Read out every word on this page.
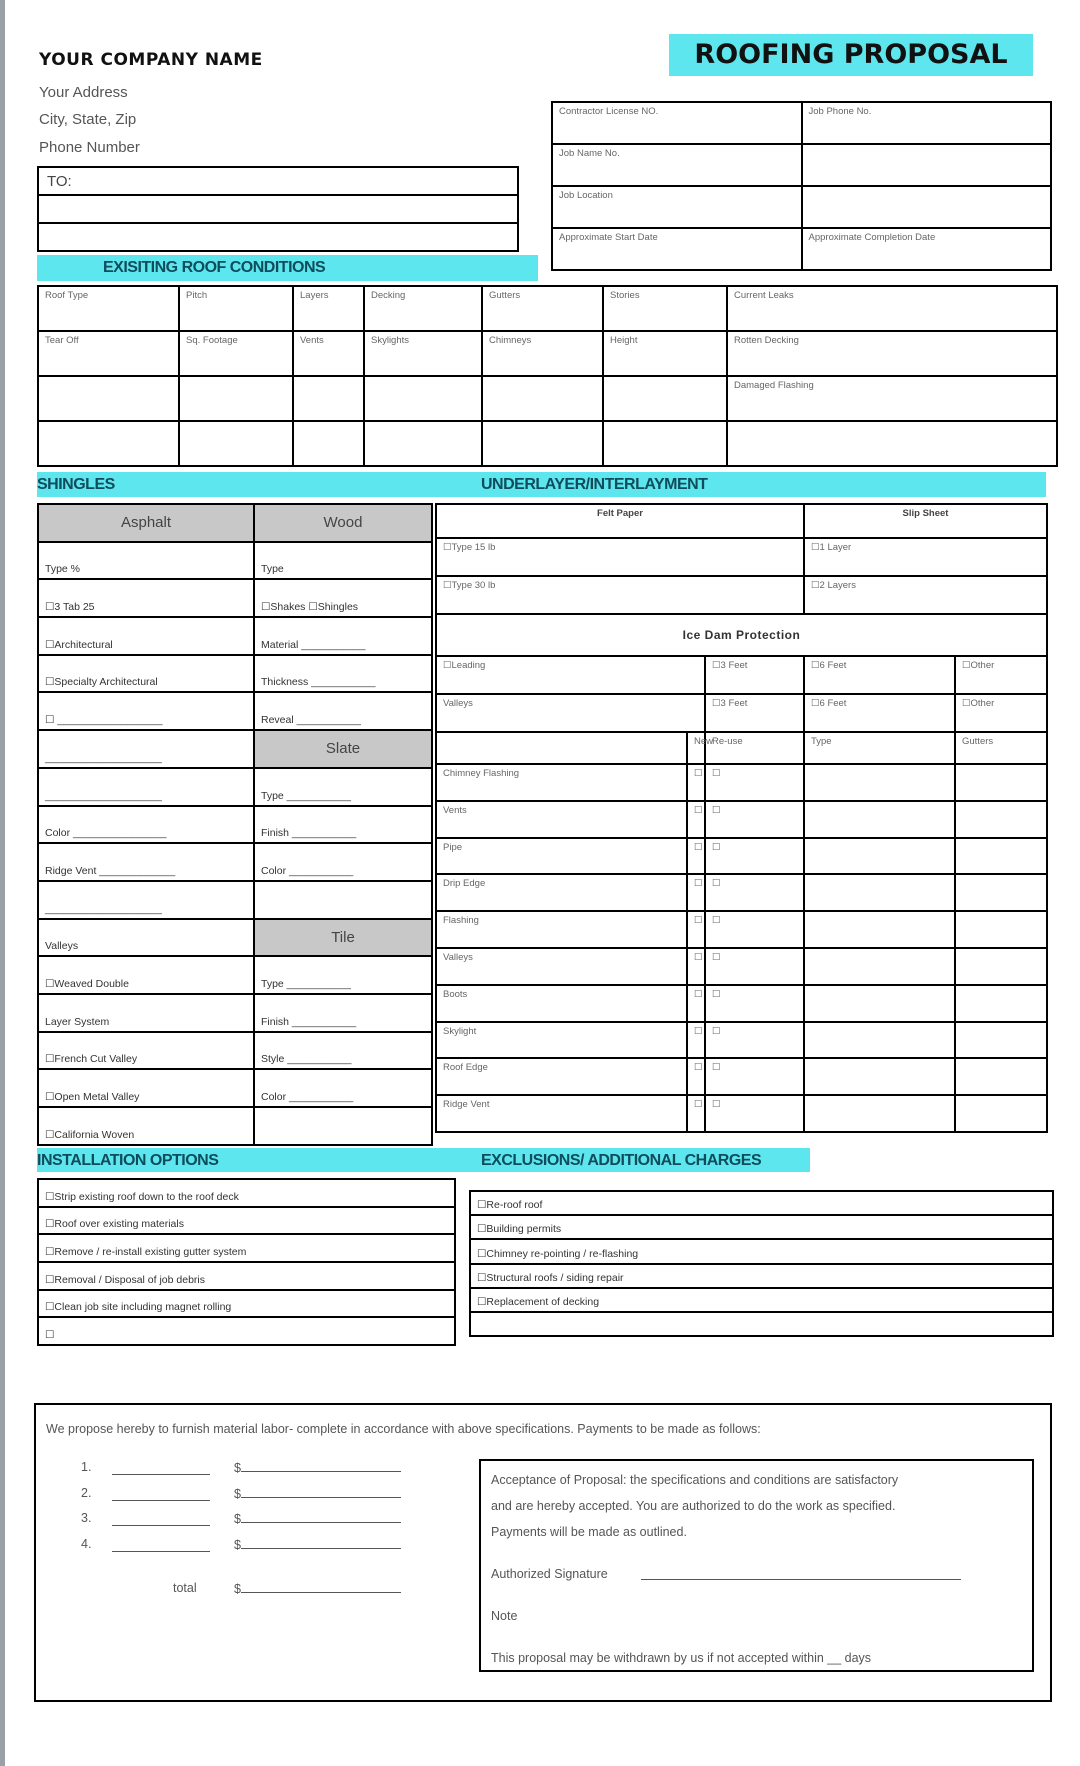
YOUR COMPANY NAME
Your Address
City, State, Zip
Phone Number
ROOFING PROPOSAL
TO:

Contractor License NO.	Job Phone No.
Job Name No.	
Job Location	
Approximate Start Date	Approximate Completion Date
EXISITING ROOF CONDITIONS
Roof Type	Pitch	Layers	Decking	Gutters	Stories	Current Leaks
Tear Off	Sq. Footage	Vents	Skylights	Chimneys	Height	Rotten Decking
						Damaged Flashing

SHINGLES	UNDERLAYER/INTERLAYMENT
Asphalt	Wood
Type %	Type
☐3 Tab 25	☐Shakes ☐Shingles
☐Architectural	Material ___________
☐Specialty Architectural	Thickness ___________
☐ __________________	Reveal ___________
____________________	Slate
____________________	Type ___________
Color ________________	Finish ___________
Ridge Vent _____________	Color ___________
____________________	
Valleys	Tile
☐Weaved Double	Type ___________
Layer System	Finish ___________
☐French Cut Valley	Style ___________
☐Open Metal Valley	Color ___________
☐California Woven	
Felt Paper			Slip Sheet	
☐Type 15 lb			☐1 Layer	
☐Type 30 lb			☐2 Layers	
Ice Dam Protection				
☐Leading		☐3 Feet	☐6 Feet	☐Other
Valleys		☐3 Feet	☐6 Feet	☐Other
	New	Re-use	Type	Gutters
Chimney Flashing	☐	☐		
Vents	☐	☐		
Pipe	☐	☐		
Drip Edge	☐	☐		
Flashing	☐	☐		
Valleys	☐	☐		
Boots	☐	☐		
Skylight	☐	☐		
Roof Edge	☐	☐		
Ridge Vent	☐	☐		
INSTALLATION OPTIONS	EXCLUSIONS/ ADDITIONAL CHARGES
☐Strip existing roof down to the roof deck
☐Roof over existing materials
☐Remove / re-install existing gutter system
☐Removal / Disposal of job debris
☐Clean job site including magnet rolling
☐
☐Re-roof roof
☐Building permits
☐Chimney re-pointing / re-flashing
☐Structural roofs / siding repair
☐Replacement of decking

We propose hereby to furnish material labor- complete in accordance with above specifications. Payments to be made as follows:
1.	$
2.	$
3.	$
4.	$
total	$
Acceptance of Proposal: the specifications and conditions are satisfactory
and are hereby accepted. You are authorized to do the work as specified.
Payments will be made as outlined.
Authorized Signature
Note
This proposal may be withdrawn by us if not accepted within __ days
